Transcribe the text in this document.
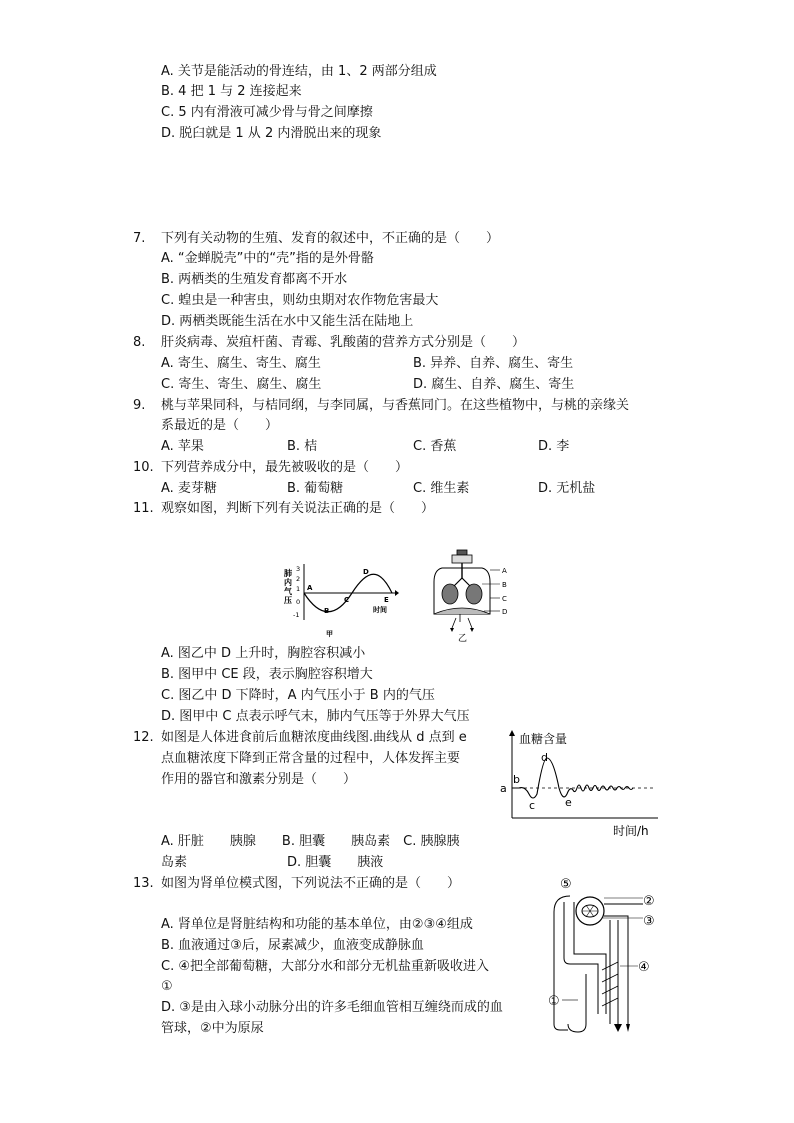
A. 关节是能活动的骨连结，由 1、2 两部分组成
B. 4 把 1 与 2 连接起来
C. 5 内有滑液可减少骨与骨之间摩擦
D. 脱臼就是 1 从 2 内滑脱出来的现象
7. 下列有关动物的生殖、发育的叙述中，不正确的是（　　）
A. “金蝉脱壳”中的“壳”指的是外骨骼
B. 两栖类的生殖发育都离不开水
C. 蝗虫是一种害虫，则幼虫期对农作物危害最大
D. 两栖类既能生活在水中又能生活在陆地上
8. 肝炎病毒、炭疽杆菌、青霉、乳酸菌的营养方式分别是（　　）
A. 寄生、腐生、寄生、腐生	B. 异养、自养、腐生、寄生
C. 寄生、寄生、腐生、腐生	D. 腐生、自养、腐生、寄生
9. 桃与苹果同科，与桔同纲，与李同属，与香蕉同门。在这些植物中，与桃的亲缘关
系最近的是（　　）
A. 苹果	B. 桔	C. 香蕉	D. 李
10. 下列营养成分中，最先被吸收的是（　　）
A. 麦芽糖	B. 葡萄糖	C. 维生素	D. 无机盐
11. 观察如图，判断下列有关说法正确的是（　　）
肺
内
气
压
3
2
1
0
-1
A
B
C
D
E
时间
甲
A
B
C
D
乙
A. 图乙中 D 上升时，胸腔容积减小
B. 图甲中 CE 段，表示胸腔容积增大
C. 图乙中 D 下降时，A 内气压小于 B 内的气压
D. 图甲中 C 点表示呼气末，肺内气压等于外界大气压
12. 如图是人体进食前后血糖浓度曲线图.曲线从 d 点到 e
点血糖浓度下降到正常含量的过程中，人体发挥主要
作用的器官和激素分别是（　　）
血糖含量
a
b
c
d
e
时间/h
A. 肝脏　　胰腺　　B. 胆囊　　胰岛素　C. 胰腺胰
岛素	D. 胆囊　　胰液
13. 如图为肾单位模式图，下列说法不正确的是（　　）
A. 肾单位是肾脏结构和功能的基本单位，由②③④组成
B. 血液通过③后，尿素减少，血液变成静脉血
C. ④把全部葡萄糖，大部分水和部分无机盐重新吸收进入
①
D. ③是由入球小动脉分出的许多毛细血管相互缠绕而成的血
管球，②中为原尿
⑤
②
③
④
①
